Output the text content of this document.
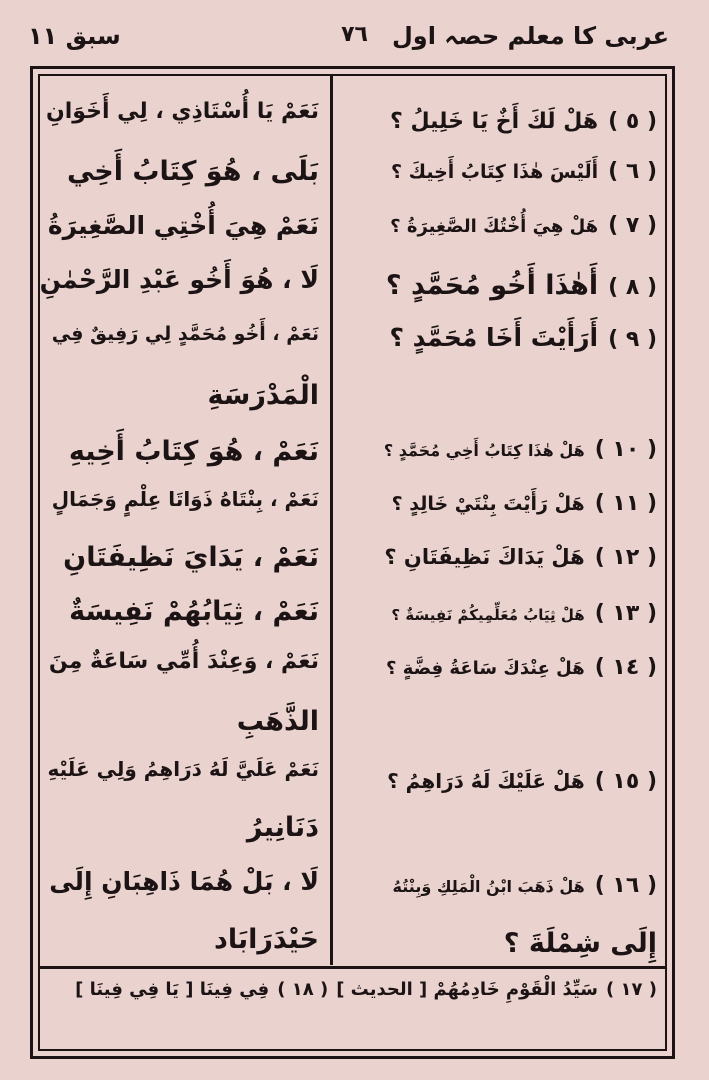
عربی کا معلم حصہ اول
٧٦
سبق ١١
( ٥ )هَلْ لَكَ أَخٌ يَا خَلِيلُ ؟
( ٦ )أَلَيْسَ هٰذَا كِتَابُ أَخِيكَ ؟
( ٧ )هَلْ هِيَ أُخْتُكَ الصَّغِيرَةُ ؟
( ٨ )أَهٰذَا أَخُو مُحَمَّدٍ ؟
( ٩ )أَرَأَيْتَ أَخَا مُحَمَّدٍ ؟
( ١٠ )هَلْ هٰذَا كِتَابُ أَخِي مُحَمَّدٍ ؟
( ١١ )هَلْ رَأَيْتَ بِنْتَيْ خَالِدٍ ؟
( ١٢ )هَلْ يَدَاكَ نَظِيفَتَانِ ؟
( ١٣ )هَلْ ثِيَابُ مُعَلِّمِيكُمْ نَفِيسَةٌ ؟
( ١٤ )هَلْ عِنْدَكَ سَاعَةُ فِضَّةٍ ؟
( ١٥ )هَلْ عَلَيْكَ لَهُ دَرَاهِمُ ؟
( ١٦ )هَلْ ذَهَبَ ابْنُ الْمَلِكِ وَبِنْتُهُ
إِلَى شِمْلَةَ ؟
نَعَمْ يَا أُسْتَاذِي ، لِي أَخَوَانِ
بَلَى ، هُوَ كِتَابُ أَخِي
نَعَمْ هِيَ أُخْتِي الصَّغِيرَةُ
لَا ، هُوَ أَخُو عَبْدِ الرَّحْمٰنِ
نَعَمْ ، أَخُو مُحَمَّدٍ لِي رَفِيقٌ فِي
الْمَدْرَسَةِ
نَعَمْ ، هُوَ كِتَابُ أَخِيهِ
نَعَمْ ، بِنْتَاهُ ذَوَاتَا عِلْمٍ وَجَمَالٍ
نَعَمْ ، يَدَايَ نَظِيفَتَانِ
نَعَمْ ، ثِيَابُهُمْ نَفِيسَةٌ
نَعَمْ ، وَعِنْدَ أُمِّي سَاعَةٌ مِنَ
الذَّهَبِ
نَعَمْ عَلَيَّ لَهُ دَرَاهِمُ وَلِي عَلَيْهِ
دَنَانِيرُ
لَا ، بَلْ هُمَا ذَاهِبَانِ إِلَى
حَيْدَرَابَاد
( ١٧ )سَيِّدُ الْقَوْمِ خَادِمُهُمْ [ الحديث ]( ١٨ )فِي فِينَا [ يَا فِي فِينَا ]
